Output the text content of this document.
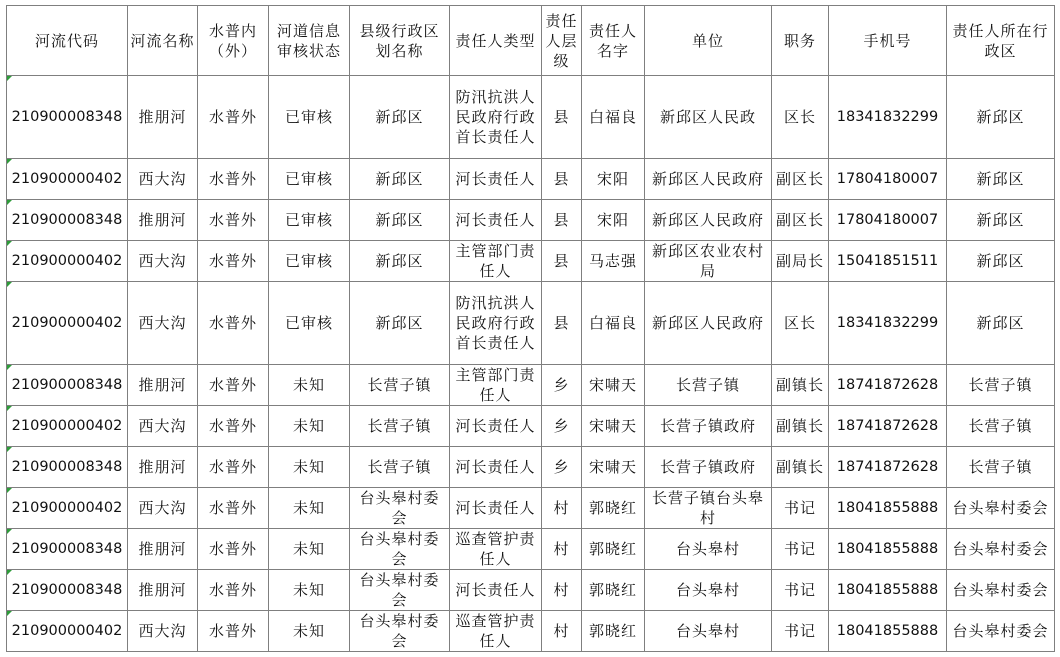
河流代码	河流名称	水普内（外）	河道信息审核状态	县级行政区划名称	责任人类型	责任人层级	责任人名字	单位	职务	手机号	责任人所在行政区

210900008348	推朋河	水普外	已审核	新邱区	防汛抗洪人民政府行政首长责任人	县	白福良	新邱区人民政	区长	18341832299	新邱区

210900000402	西大沟	水普外	已审核	新邱区	河长责任人	县	宋阳	新邱区人民政府	副区长	17804180007	新邱区

210900008348	推朋河	水普外	已审核	新邱区	河长责任人	县	宋阳	新邱区人民政府	副区长	17804180007	新邱区

210900000402	西大沟	水普外	已审核	新邱区	主管部门责任人	县	马志强	新邱区农业农村局	副局长	15041851511	新邱区

210900000402	西大沟	水普外	已审核	新邱区	防汛抗洪人民政府行政首长责任人	县	白福良	新邱区人民政府	区长	18341832299	新邱区

210900008348	推朋河	水普外	未知	长营子镇	主管部门责任人	乡	宋啸天	长营子镇	副镇长	18741872628	长营子镇

210900000402	西大沟	水普外	未知	长营子镇	河长责任人	乡	宋啸天	长营子镇政府	副镇长	18741872628	长营子镇

210900008348	推朋河	水普外	未知	长营子镇	河长责任人	乡	宋啸天	长营子镇政府	副镇长	18741872628	长营子镇

210900000402	西大沟	水普外	未知	台头皋村委会	河长责任人	村	郭晓红	长营子镇台头皋村	书记	18041855888	台头皋村委会

210900008348	推朋河	水普外	未知	台头皋村委会	巡查管护责任人	村	郭晓红	台头皋村	书记	18041855888	台头皋村委会

210900008348	推朋河	水普外	未知	台头皋村委会	河长责任人	村	郭晓红	台头皋村	书记	18041855888	台头皋村委会

210900000402	西大沟	水普外	未知	台头皋村委会	巡查管护责任人	村	郭晓红	台头皋村	书记	18041855888	台头皋村委会
